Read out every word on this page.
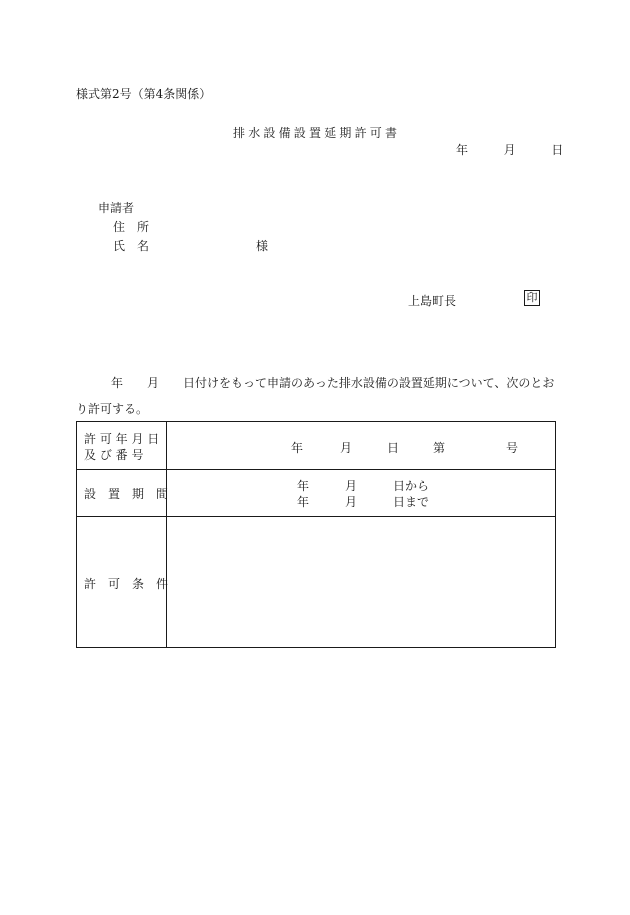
様式第2号（第4条関係）
排水設備設置延期許可書
年	月	日
申請者
住　所
氏　名	様
上島町長	印
年 月 日付けをもって申請のあった排水設備の設置延期について、次のとお
り許可する。
許 可 年 月 日
及 び 番 号	年	月	日	第	号
設　置　期　間
年	月	日から
年	月	日まで
許　可　条　件
